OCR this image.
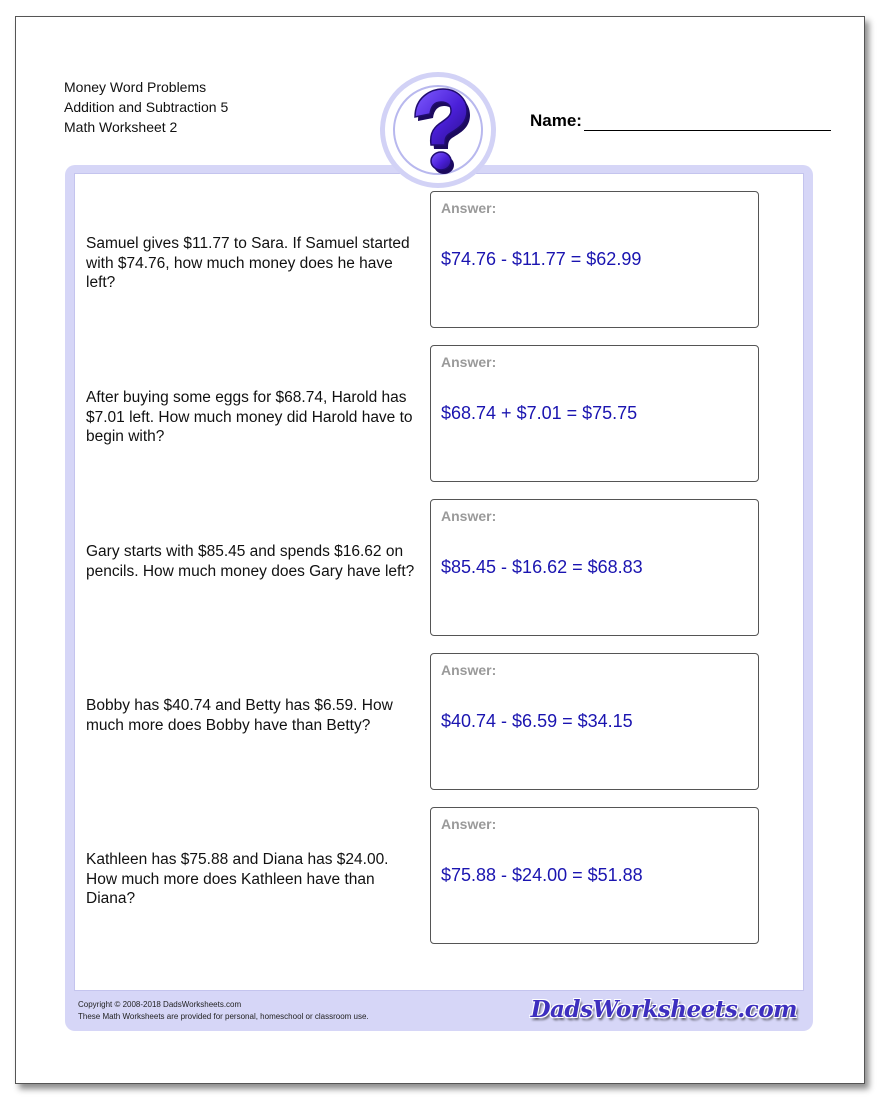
Money Word Problems
Addition and Subtraction 5
Math Worksheet 2	Name:
Samuel gives $11.77 to Sara. If Samuel started with $74.76, how much money does he have left?
Answer:
$74.76 - $11.77 = $62.99
After buying some eggs for $68.74, Harold has $7.01 left. How much money did Harold have to begin with?
Answer:
$68.74 + $7.01 = $75.75
Gary starts with $85.45 and spends $16.62 on pencils. How much money does Gary have left?
Answer:
$85.45 - $16.62 = $68.83
Bobby has $40.74 and Betty has $6.59. How much more does Bobby have than Betty?
Answer:
$40.74 - $6.59 = $34.15
Kathleen has $75.88 and Diana has $24.00. How much more does Kathleen have than Diana?
Answer:
$75.88 - $24.00 = $51.88
Copyright © 2008-2018 DadsWorksheets.com
These Math Worksheets are provided for personal, homeschool or classroom use.	DadsWorksheets.com
